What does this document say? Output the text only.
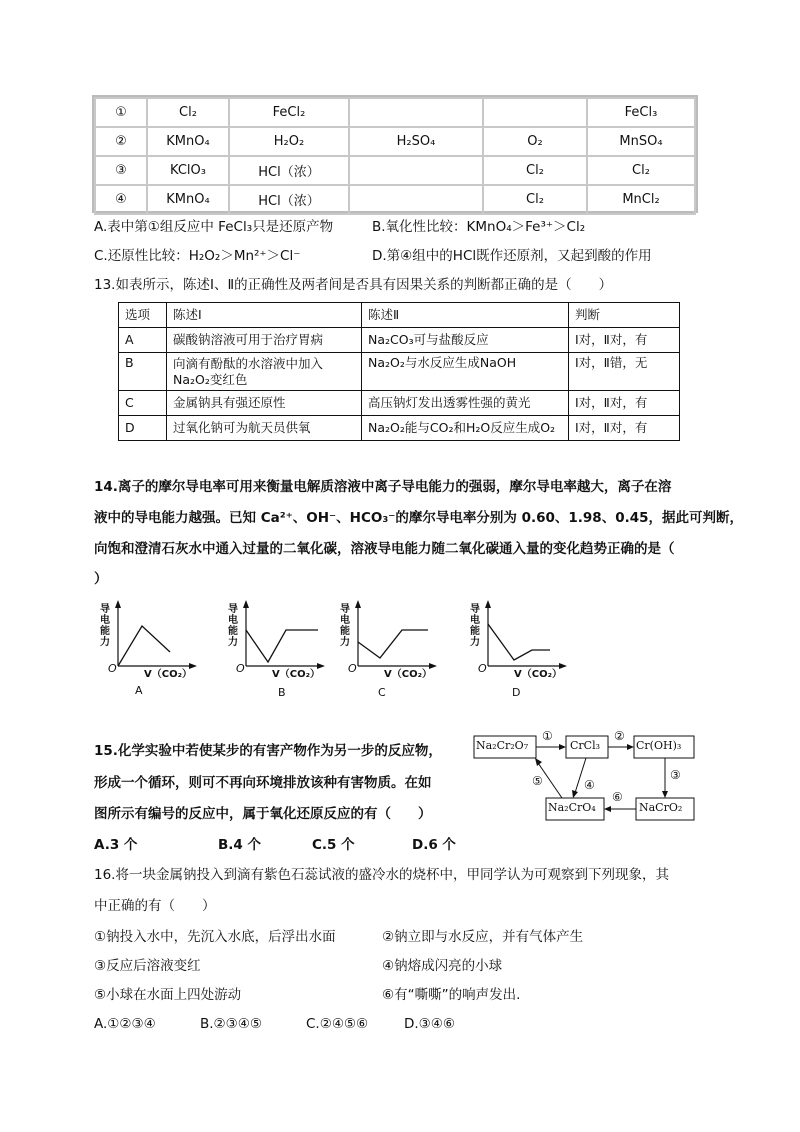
①	Cl₂	FeCl₂			FeCl₃
②	KMnO₄	H₂O₂	H₂SO₄	O₂	MnSO₄
③	KClO₃	HCl（浓）		Cl₂	Cl₂
④	KMnO₄	HCl（浓）		Cl₂	MnCl₂
A.表中第①组反应中 FeCl₃只是还原产物	B.氧化性比较：KMnO₄＞Fe³⁺＞Cl₂
C.还原性比较：H₂O₂＞Mn²⁺＞Cl⁻	D.第④组中的HCl既作还原剂，又起到酸的作用
13.如表所示，陈述Ⅰ、Ⅱ的正确性及两者间是否具有因果关系的判断都正确的是（　　）
选项	陈述Ⅰ	陈述Ⅱ	判断
A	碳酸钠溶液可用于治疗胃病	Na₂CO₃可与盐酸反应	Ⅰ对，Ⅱ对，有
B	向滴有酚酞的水溶液中加入Na₂O₂变红色	Na₂O₂与水反应生成NaOH	Ⅰ对，Ⅱ错，无
C	金属钠具有强还原性	高压钠灯发出透雾性强的黄光	Ⅰ对，Ⅱ对，有
D	过氧化钠可为航天员供氧	Na₂O₂能与CO₂和H₂O反应生成O₂	Ⅰ对，Ⅱ对，有
14.离子的摩尔导电率可用来衡量电解质溶液中离子导电能力的强弱，摩尔导电率越大，离子在溶
液中的导电能力越强。已知 Ca²⁺、OH⁻、HCO₃⁻的摩尔导电率分别为 0.60、1.98、0.45，据此可判断，
向饱和澄清石灰水中通入过量的二氧化碳，溶液导电能力随二氧化碳通入量的变化趋势正确的是（
）
导电能力
O	V（CO₂）
A
导电能力
O	V（CO₂）
B
导电能力
O	V（CO₂）
C
导电能力
O	V（CO₂）
D
15.化学实验中若使某步的有害产物作为另一步的反应物，
形成一个循环，则可不再向环境排放该种有害物质。在如
图所示有编号的反应中，属于氧化还原反应的有（　　）
A.3 个	B.4 个	C.5 个	D.6 个
Na₂Cr₂O₇	CrCl₃	Cr(OH)₃
Na₂CrO₄	NaCrO₂
①	②
③
④
⑤
⑥
16.将一块金属钠投入到滴有紫色石蕊试液的盛冷水的烧杯中，甲同学认为可观察到下列现象，其
中正确的有（　　）
①钠投入水中，先沉入水底，后浮出水面	②钠立即与水反应，并有气体产生
③反应后溶液变红	④钠熔成闪亮的小球
⑤小球在水面上四处游动	⑥有“嘶嘶”的响声发出.
A.①②③④	B.②③④⑤	C.②④⑤⑥	D.③④⑥
